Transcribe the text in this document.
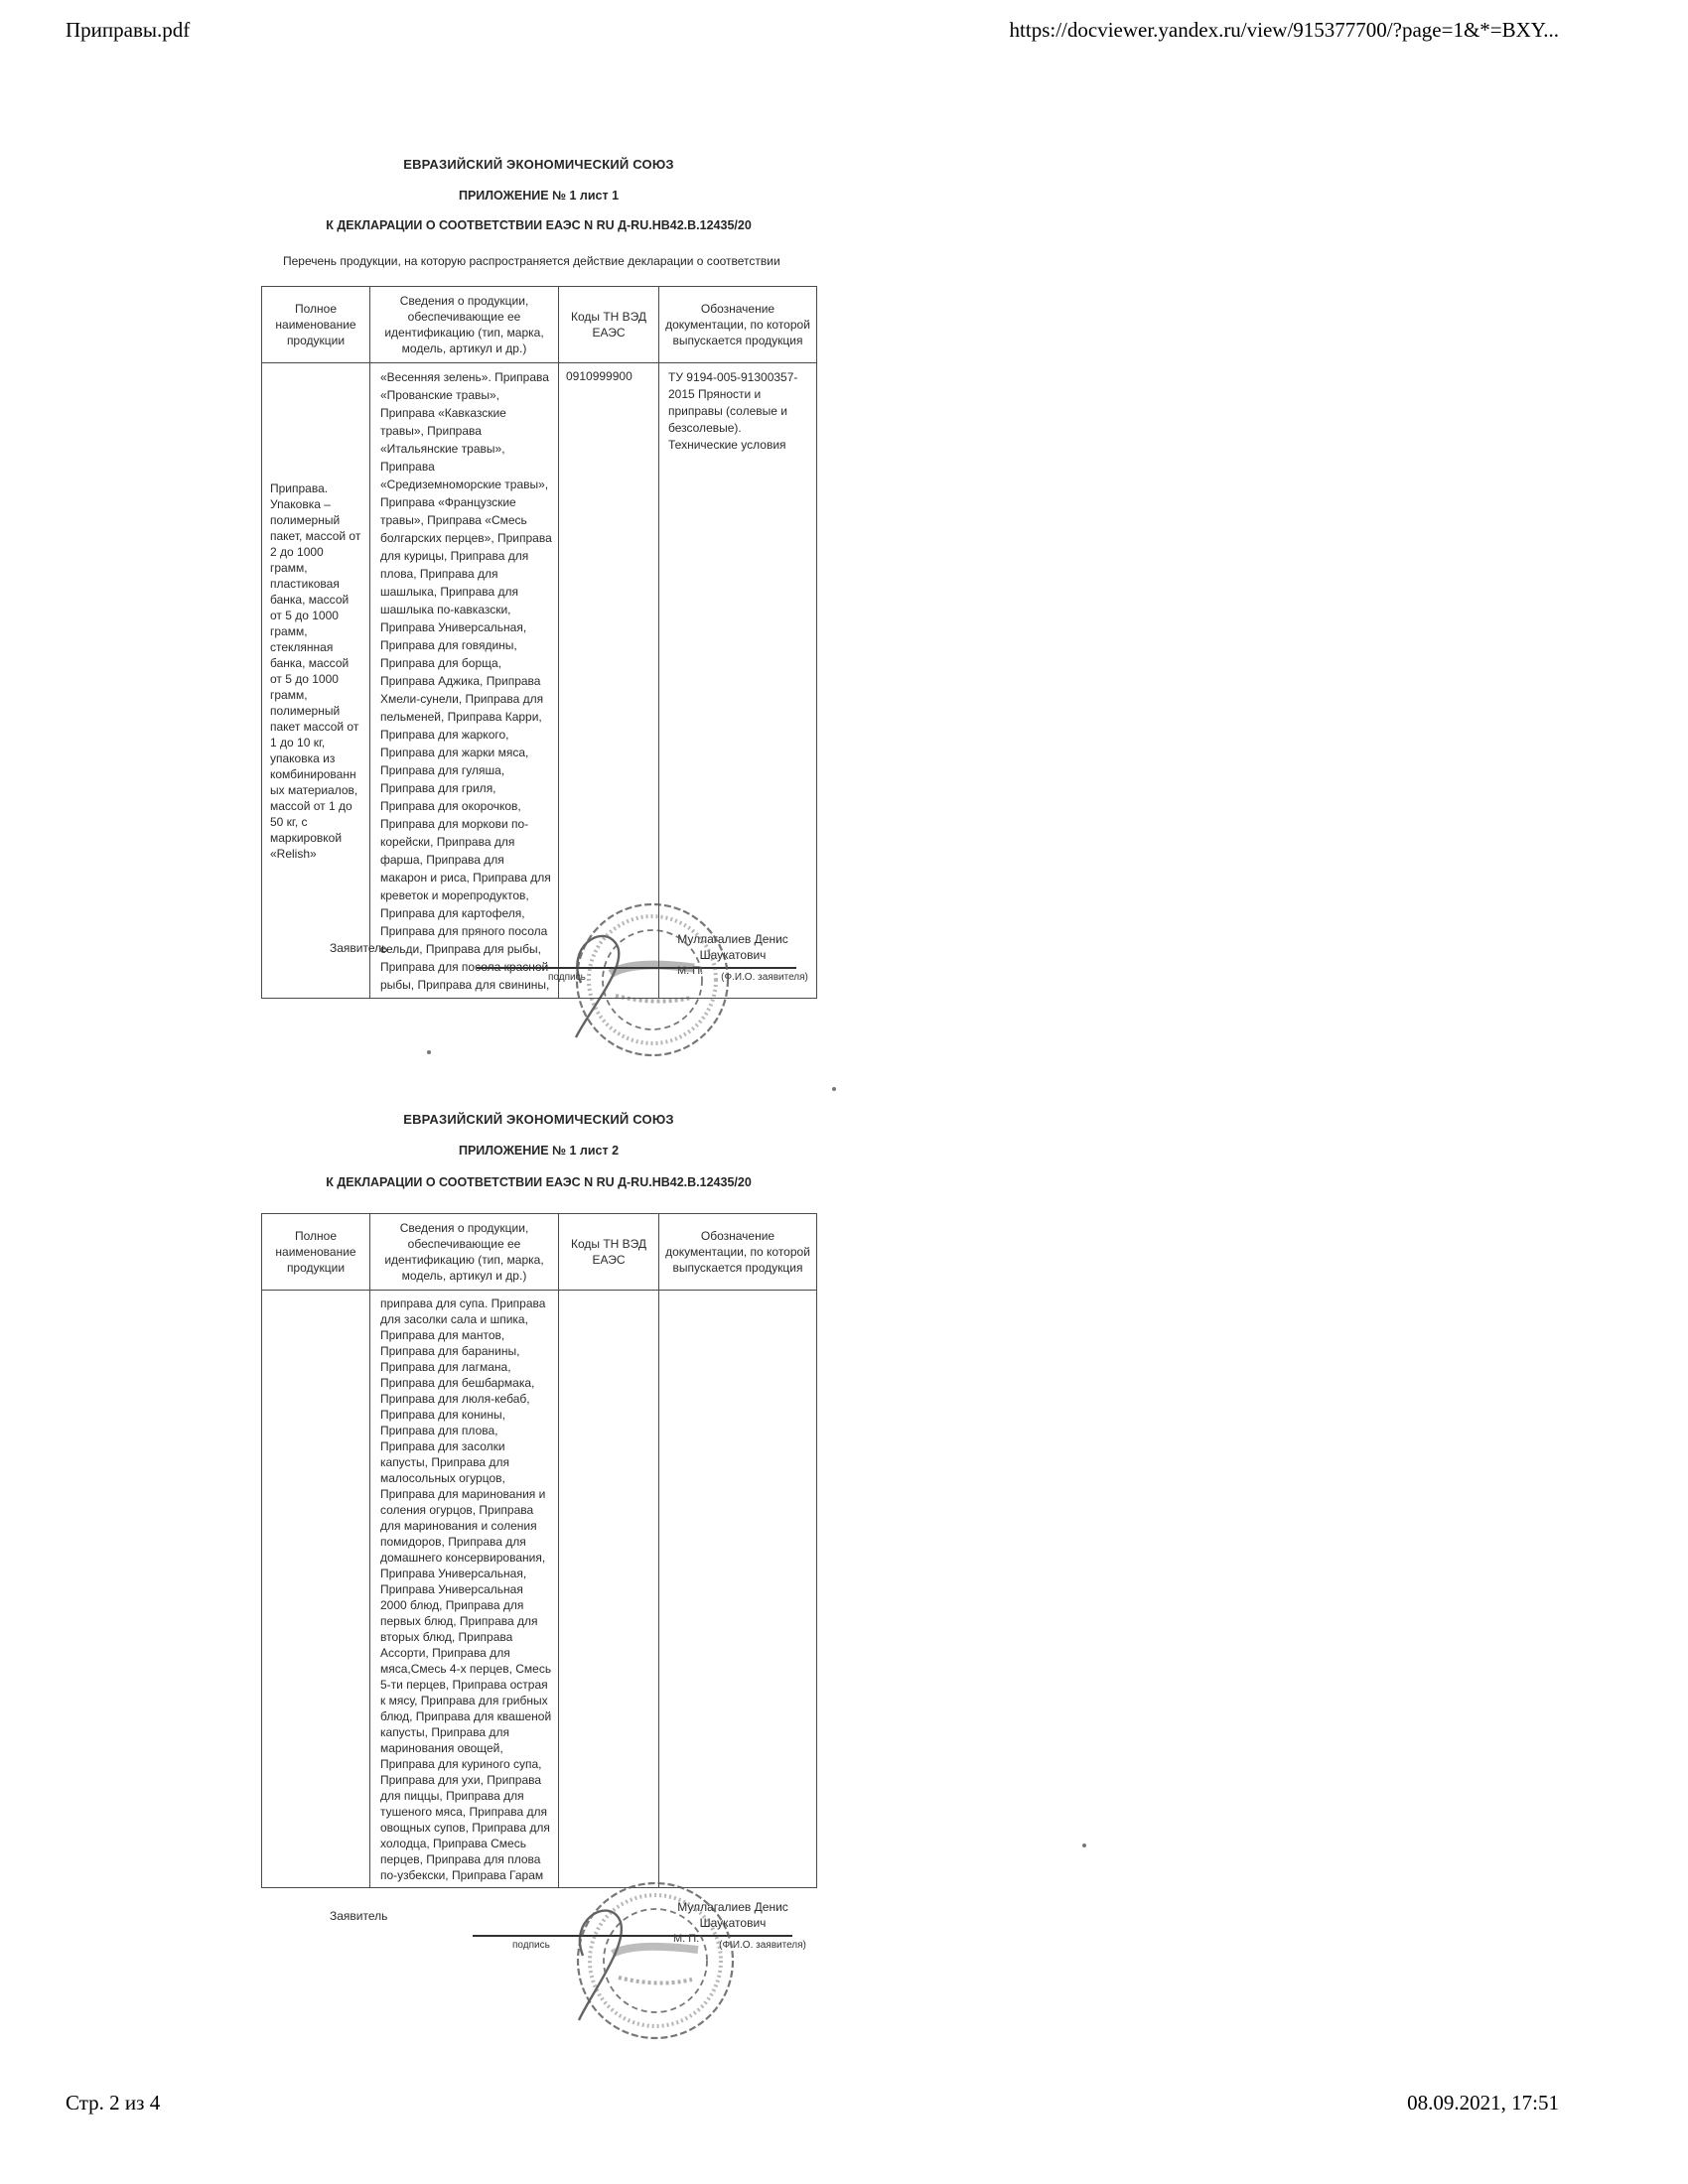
Приправы.pdf	https://docviewer.yandex.ru/view/915377700/?page=1&*=BXY...
ЕВРАЗИЙСКИЙ ЭКОНОМИЧЕСКИЙ СОЮЗ
ПРИЛОЖЕНИЕ № 1 лист 1
К ДЕКЛАРАЦИИ О СООТВЕТСТВИИ ЕАЭС N RU Д-RU.НВ42.В.12435/20
Перечень продукции, на которую распространяется действие декларации о соответствии
Полное наименование продукции	Сведения о продукции, обеспечивающие ее идентификацию (тип, марка, модель, артикул и др.)	Коды ТН ВЭД ЕАЭС	Обозначение документации, по которой выпускается продукция
Приправа. Упаковка – полимерный пакет, массой от 2 до 1000 грамм, пластиковая банка, массой от 5 до 1000 грамм, стеклянная банка, массой от 5 до 1000 грамм, полимерный пакет массой от 1 до 10 кг, упаковка из комбинированн ых материалов, массой от 1 до 50 кг, с маркировкой «Relish»	«Весенняя зелень». Приправа «Прованские травы», Приправа «Кавказские травы», Приправа «Итальянские травы», Приправа «Средиземноморские травы», Приправа «Французские травы», Приправа «Смесь болгарских перцев», Приправа для курицы, Приправа для плова, Приправа для шашлыка, Приправа для шашлыка по-кавказски, Приправа Универсальная, Приправа для говядины, Приправа для борща, Приправа Аджика, Приправа Хмели-сунели, Приправа для пельменей, Приправа Карри, Приправа для жаркого, Приправа для жарки мяса, Приправа для гуляша, Приправа для гриля, Приправа для окорочков, Приправа для моркови по-корейски, Приправа для фарша, Приправа для макарон и риса, Приправа для креветок и морепродуктов, Приправа для картофеля, Приправа для пряного посола сельди, Приправа для рыбы, Приправа для посола красной рыбы, Приправа для свинины,	0910999900	ТУ 9194-005-91300357-2015 Пряности и приправы (солевые и безсолевые). Технические условия
Заявитель
Муллагалиев Денис
Шаукатович
подпись
М. П.
(Ф.И.О. заявителя)
ЕВРАЗИЙСКИЙ ЭКОНОМИЧЕСКИЙ СОЮЗ
ПРИЛОЖЕНИЕ № 1 лист 2
К ДЕКЛАРАЦИИ О СООТВЕТСТВИИ ЕАЭС N RU Д-RU.НВ42.В.12435/20
Полное наименование продукции	Сведения о продукции, обеспечивающие ее идентификацию (тип, марка, модель, артикул и др.)	Коды ТН ВЭД ЕАЭС	Обозначение документации, по которой выпускается продукция
	приправа для супа. Приправа для засолки сала и шпика, Приправа для мантов, Приправа для баранины, Приправа для лагмана, Приправа для бешбармака, Приправа для люля-кебаб, Приправа для конины, Приправа для плова, Приправа для засолки капусты, Приправа для малосольных огурцов, Приправа для маринования и соления огурцов, Приправа для маринования и соления помидоров, Приправа для домашнего консервирования, Приправа Универсальная, Приправа Универсальная 2000 блюд, Приправа для первых блюд, Приправа для вторых блюд, Приправа Ассорти, Приправа для мяса,Смесь 4-х перцев, Смесь 5-ти перцев, Приправа острая к мясу, Приправа для грибных блюд, Приправа для квашеной капусты, Приправа для маринования овощей, Приправа для куриного супа, Приправа для ухи, Приправа для пиццы, Приправа для тушеного мяса, Приправа для овощных супов, Приправа для холодца, Приправа Смесь перцев, Приправа для плова по-узбекски, Приправа Гарам		
Заявитель
Муллагалиев Денис
Шаукатович
подпись
М. П.
(Ф.И.О. заявителя)
Стр. 2 из 4	08.09.2021, 17:51
